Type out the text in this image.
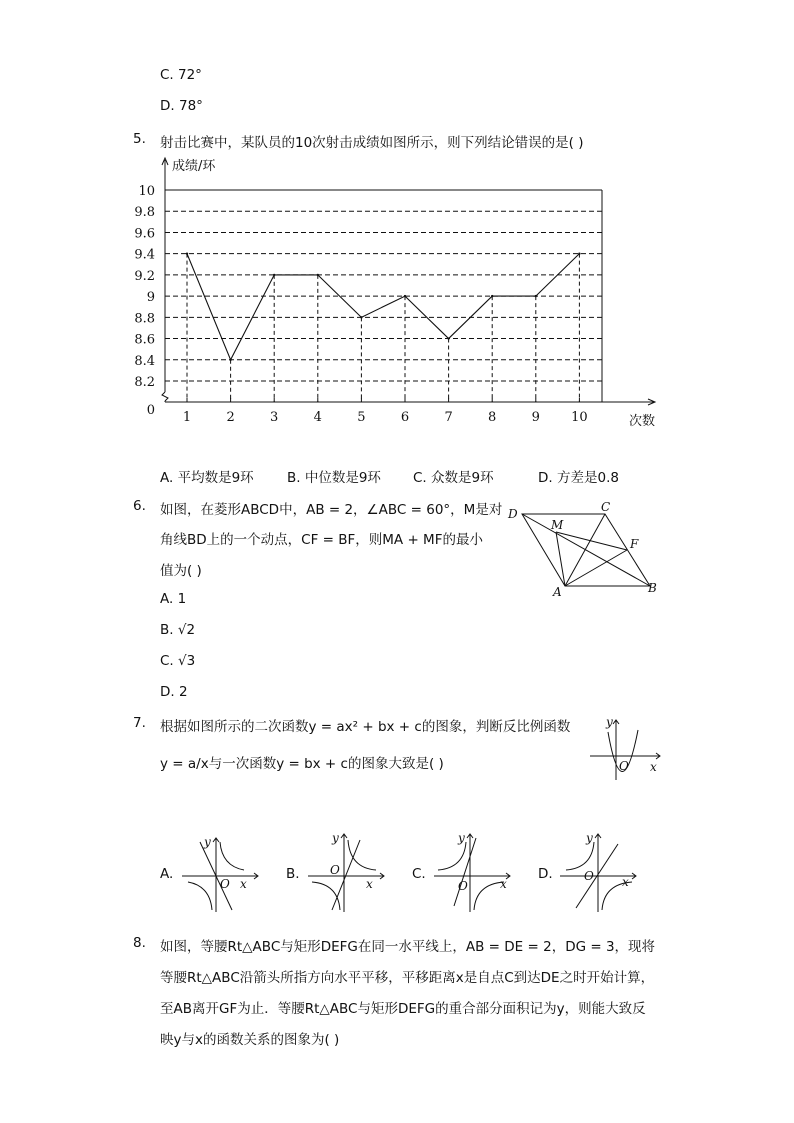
C. 72°
D. 78°
5. 射击比赛中，某队员的10次射击成绩如图所示，则下列结论错误的是( )
1	2	3	4	5	6	7	8	9 10
8.2
8.4
8.6
8.8
9
9.2
9.4
9.6
9.8
10
0
成绩/环
次数
A. 平均数是9环 B. 中位数是9环 C. 众数是9环	D. 方差是0.8
6. 如图，在菱形ABCD中，AB = 2，∠ABC = 60°，M是对
角线BD上的一个动点，CF = BF，则MA + MF的最小
值为( )
A. 1
B. √2
C. √3
D. 2
D
M
C
F
A	B
7. 根据如图所示的二次函数y = ax² + bx + c的图象，判断反比例函数
y = a/x与一次函数y = bx + c的图象大致是( )
y
O x
A.	B.	C.	D.
y
O x
y
O
x
y
O	x
y
O x
8. 如图，等腰Rt△ABC与矩形DEFG在同一水平线上，AB = DE = 2，DG = 3，现将
等腰Rt△ABC沿箭头所指方向水平平移，平移距离x是自点C到达DE之时开始计算，
至AB离开GF为止．等腰Rt△ABC与矩形DEFG的重合部分面积记为y，则能大致反
映y与x的函数关系的图象为( )
